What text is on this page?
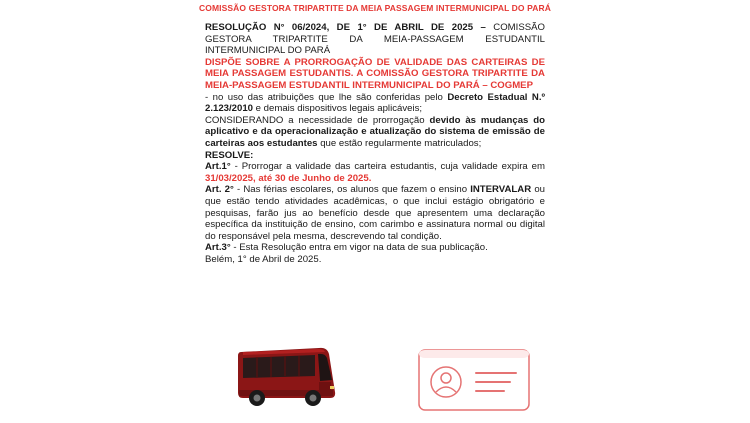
COMISSÃO GESTORA TRIPARTITE DA MEIA PASSAGEM INTERMUNICIPAL DO PARÁ

RESOLUÇÃO N° 06/2024, DE 1° DE ABRIL DE 2025 – COMISSÃO GESTORA TRIPARTITE DA MEIA-PASSAGEM ESTUDANTIL INTERMUNICIPAL DO PARÁ

DISPÕE SOBRE A PRORROGAÇÃO DE VALIDADE DAS CARTEIRAS DE MEIA PASSAGEM ESTUDANTIS. A COMISSÃO GESTORA TRIPARTITE DA MEIA-PASSAGEM ESTUDANTIL INTERMUNICIPAL DO PARÁ – COGMEP

- no uso das atribuições que lhe são conferidas pelo Decreto Estadual N.º 2.123/2010 e demais dispositivos legais aplicáveis;

CONSIDERANDO a necessidade de prorrogação devido às mudanças do aplicativo e da operacionalização e atualização do sistema de emissão de carteiras aos estudantes que estão regularmente matriculados;

RESOLVE:

Art.1° - Prorrogar a validade das carteira estudantis, cuja validade expira em 31/03/2025, até 30 de Junho de 2025.

Art. 2° - Nas férias escolares, os alunos que fazem o ensino INTERVALAR ou que estão tendo atividades acadêmicas, o que inclui estágio obrigatório e pesquisas, farão jus ao benefício desde que apresentem uma declaração específica da instituição de ensino, com carimbo e assinatura normal ou digital do responsável pela mesma, descrevendo tal condição.

Art.3° - Esta Resolução entra em vigor na data de sua publicação.

Belém, 1° de Abril de 2025.
